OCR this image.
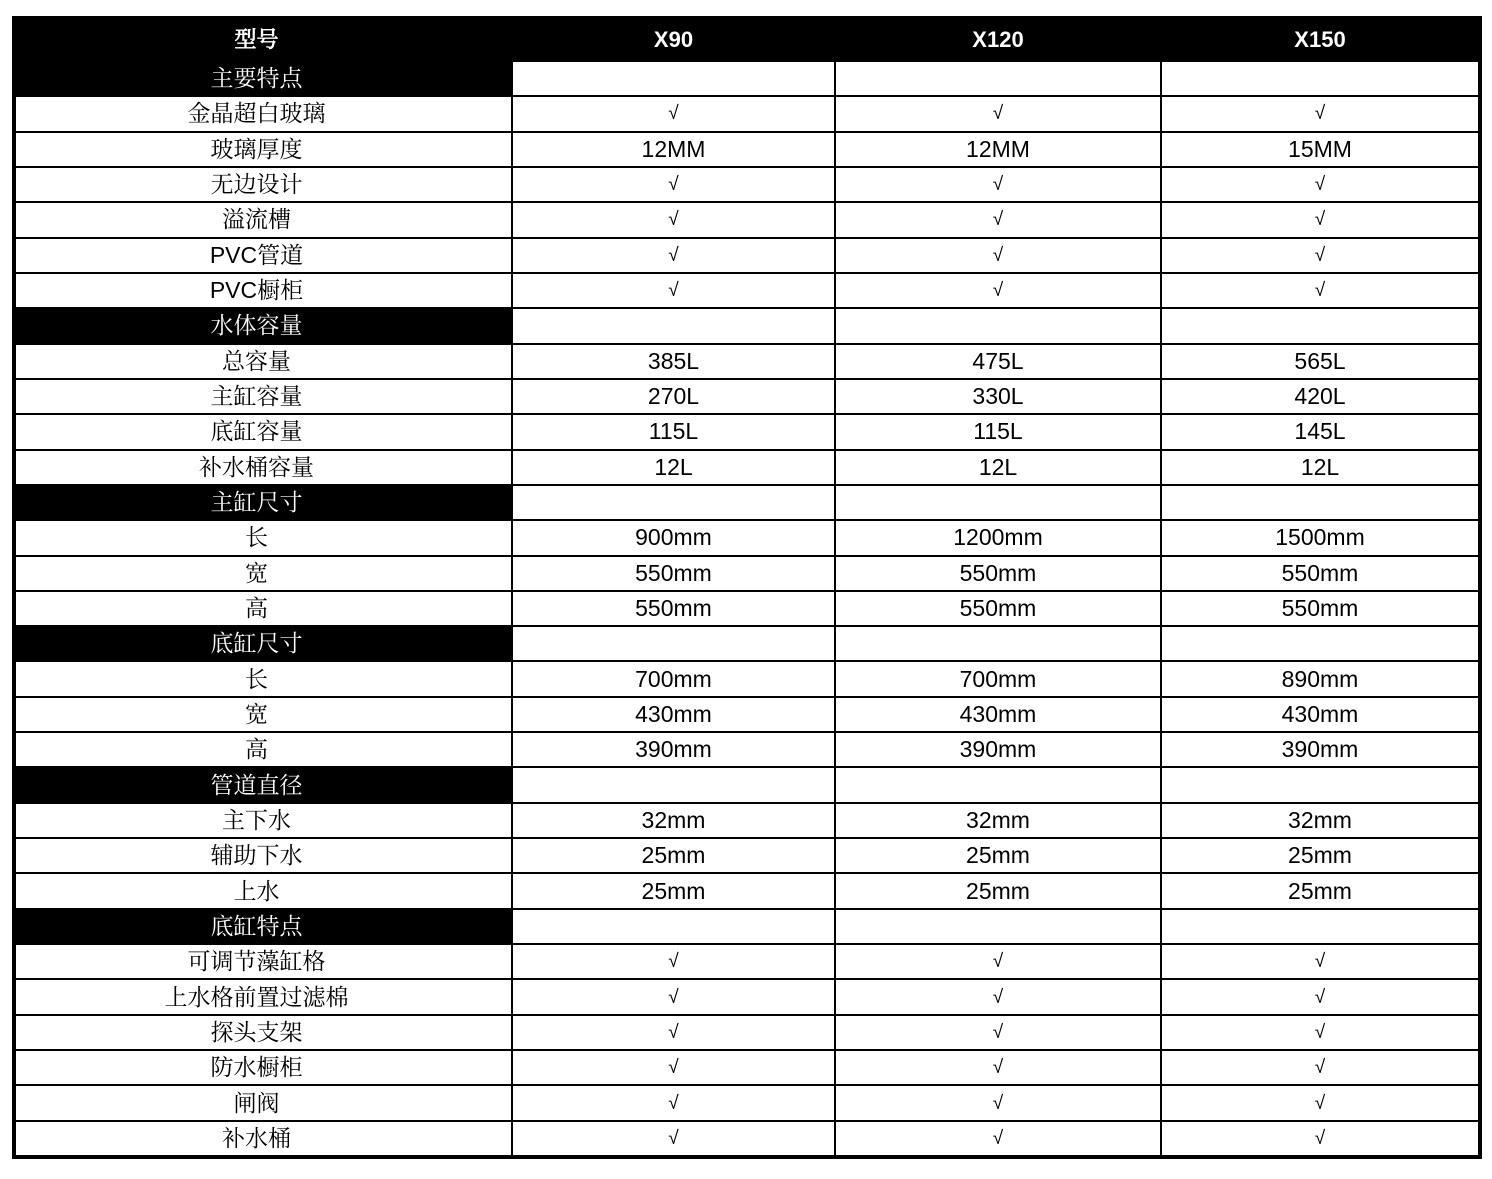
型号	X90	X120	X150
主要特点
金晶超白玻璃	√	√	√
玻璃厚度	12MM	12MM	15MM
无边设计	√	√	√
溢流槽	√	√	√
PVC管道	√	√	√
PVC橱柜	√	√	√
水体容量
总容量	385L	475L	565L
主缸容量	270L	330L	420L
底缸容量	115L	115L	145L
补水桶容量	12L	12L	12L
主缸尺寸
长	900mm	1200mm	1500mm
宽	550mm	550mm	550mm
高	550mm	550mm	550mm
底缸尺寸
长	700mm	700mm	890mm
宽	430mm	430mm	430mm
高	390mm	390mm	390mm
管道直径
主下水	32mm	32mm	32mm
辅助下水	25mm	25mm	25mm
上水	25mm	25mm	25mm
底缸特点
可调节藻缸格	√	√	√
上水格前置过滤棉	√	√	√
探头支架	√	√	√
防水橱柜	√	√	√
闸阀	√	√	√
补水桶	√	√	√
